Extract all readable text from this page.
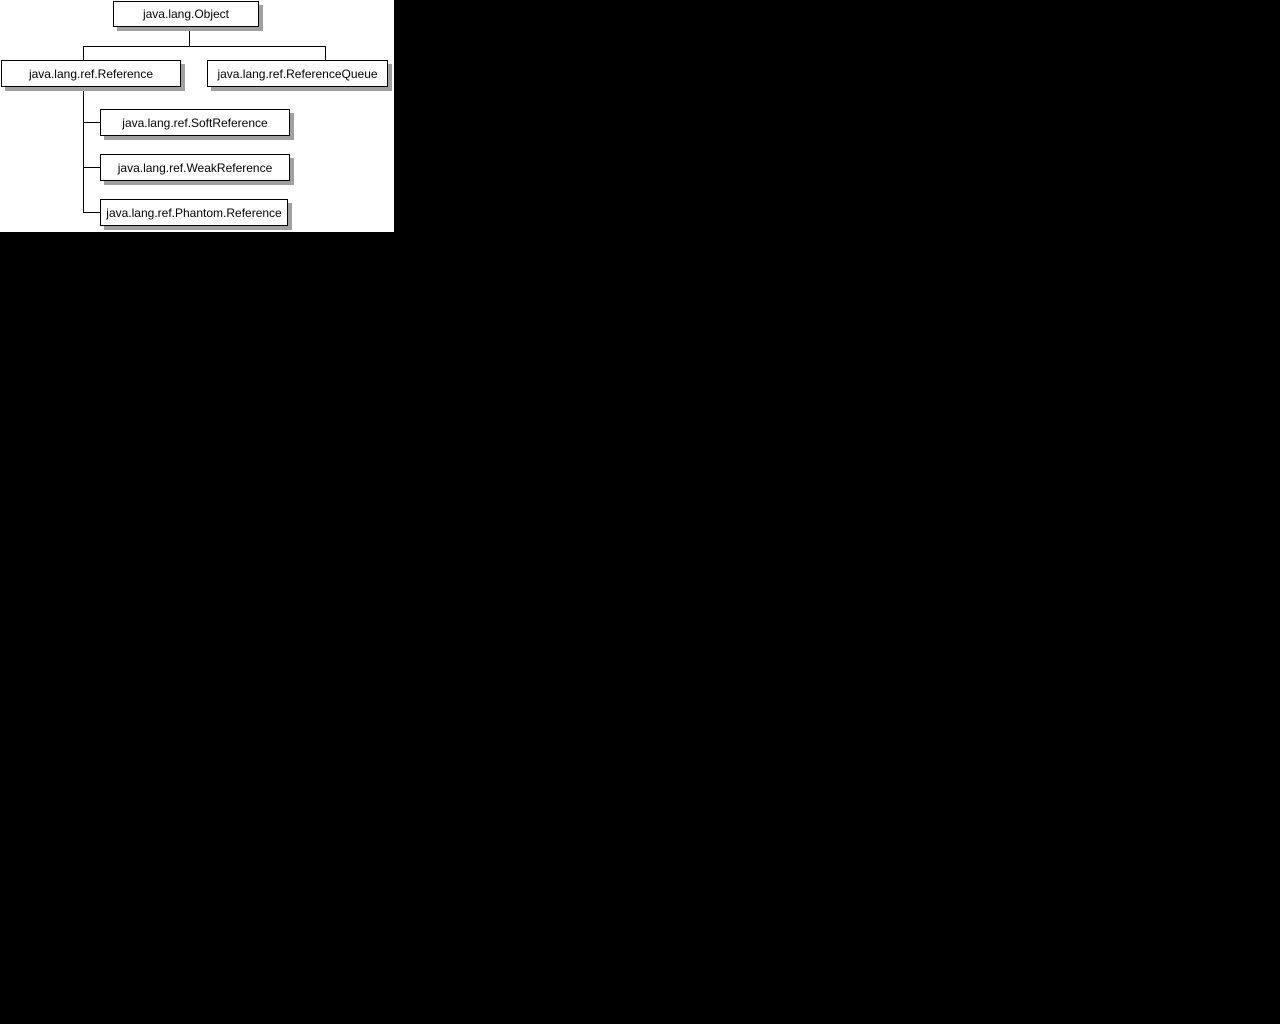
java.lang.Object
java.lang.ref.Reference	java.lang.ref.ReferenceQueue
java.lang.ref.SoftReference
java.lang.ref.WeakReference
java.lang.ref.Phantom.Reference
